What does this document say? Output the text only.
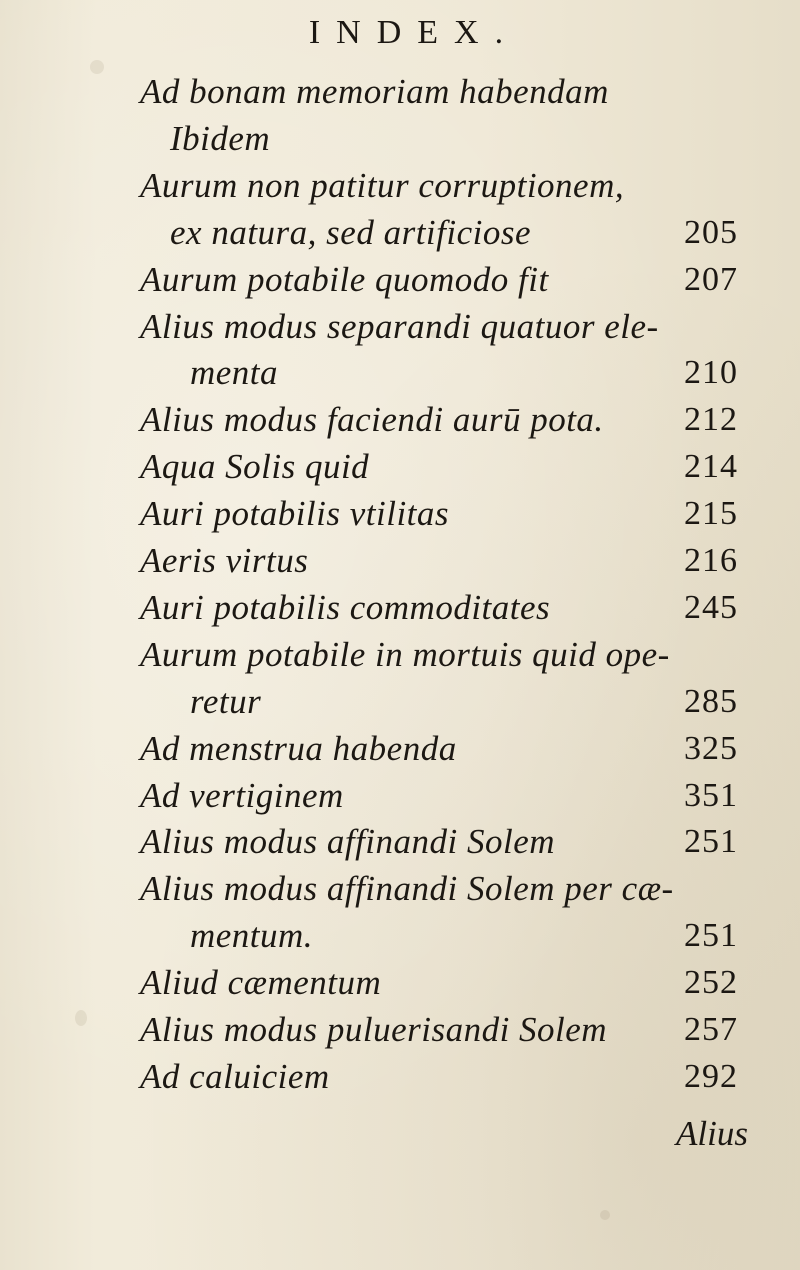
INDEX.
Ad bonam memoriam habendam
Ibidem
Aurum non patitur corruptionem,
ex natura, sed artificiose	205
Aurum potabile quomodo fit	207
Alius modus separandi quatuor ele-
menta	210
Alius modus faciendi aurū pota. 212
Aqua Solis quid	214
Auri potabilis vtilitas	215
Aeris virtus	216
Auri potabilis commoditates	245
Aurum potabile in mortuis quid ope-
retur	285
Ad menstrua habenda	325
Ad vertiginem	351
Alius modus affinandi Solem	251
Alius modus affinandi Solem per cæ-
mentum.	251
Aliud cæmentum	252
Alius modus puluerisandi Solem 257
Ad caluiciem	292
Alius
